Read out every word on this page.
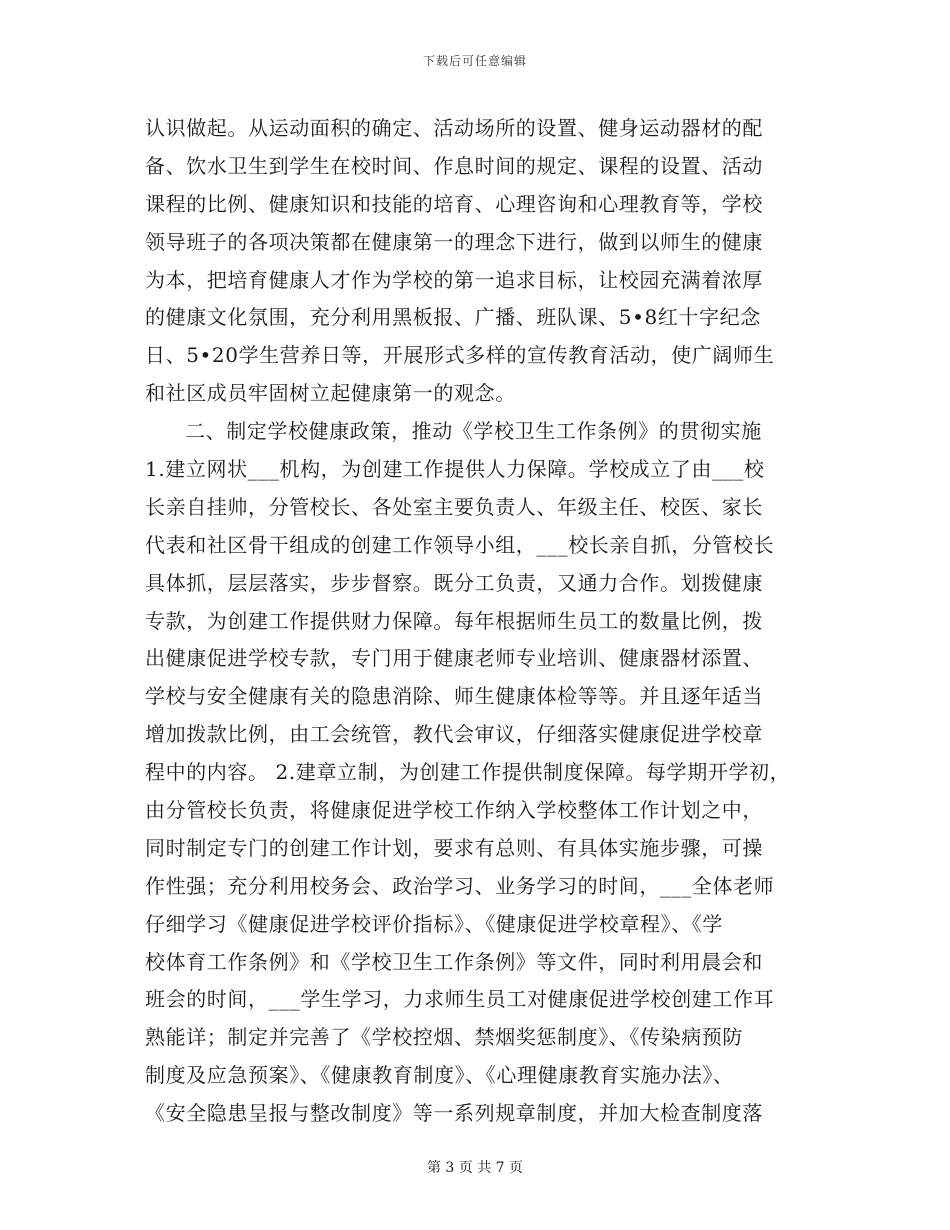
下载后可任意编辑
认识做起。从运动面积的确定、活动场所的设置、健身运动器材的配
备、饮水卫生到学生在校时间、作息时间的规定、课程的设置、活动
课程的比例、健康知识和技能的培育、心理咨询和心理教育等，学校
领导班子的各项决策都在健康第一的理念下进行，做到以师生的健康
为本，把培育健康人才作为学校的第一追求目标，让校园充满着浓厚
的健康文化氛围，充分利用黑板报、广播、班队课、5•8红十字纪念
日、5•20学生营养日等，开展形式多样的宣传教育活动，使广阔师生
和社区成员牢固树立起健康第一的观念。
二、制定学校健康政策，推动《学校卫生工作条例》的贯彻实施
1.建立网状___机构，为创建工作提供人力保障。学校成立了由___校
长亲自挂帅，分管校长、各处室主要负责人、年级主任、校医、家长
代表和社区骨干组成的创建工作领导小组，___校长亲自抓，分管校长
具体抓，层层落实，步步督察。既分工负责，又通力合作。划拨健康
专款，为创建工作提供财力保障。每年根据师生员工的数量比例，拨
出健康促进学校专款，专门用于健康老师专业培训、健康器材添置、
学校与安全健康有关的隐患消除、师生健康体检等等。并且逐年适当
增加拨款比例，由工会统管，教代会审议，仔细落实健康促进学校章
程中的内容。 2.建章立制，为创建工作提供制度保障。每学期开学初，
由分管校长负责，将健康促进学校工作纳入学校整体工作计划之中，
同时制定专门的创建工作计划，要求有总则、有具体实施步骤，可操
作性强；充分利用校务会、政治学习、业务学习的时间，___全体老师
仔细学习《健康促进学校评价指标》、《健康促进学校章程》、《学
校体育工作条例》和《学校卫生工作条例》等文件，同时利用晨会和
班会的时间，___学生学习，力求师生员工对健康促进学校创建工作耳
熟能详；制定并完善了《学校控烟、禁烟奖惩制度》、《传染病预防
制度及应急预案》、《健康教育制度》、《心理健康教育实施办法》、
《安全隐患呈报与整改制度》等一系列规章制度，并加大检查制度落
第 3 页 共 7 页
